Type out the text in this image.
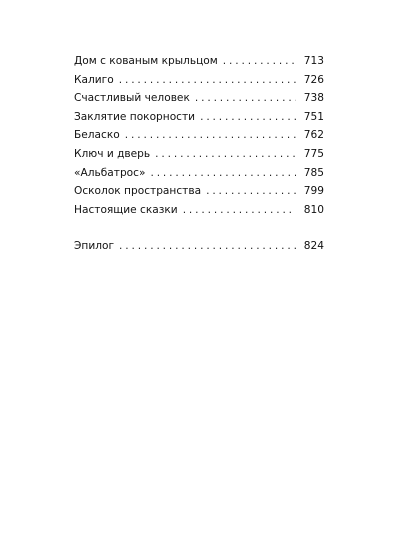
Дом с кованым крыльцом . . .	713
Калиго . . .	726
Счастливый человек . . .	738
Заклятие покорности . . .	751
Беласко . . .	762
Ключ и дверь . . .	775
«Альбатрос» . . .	785
Осколок пространства . . .	799
Настоящие сказки . . .	810
Эпилог . . .	824
